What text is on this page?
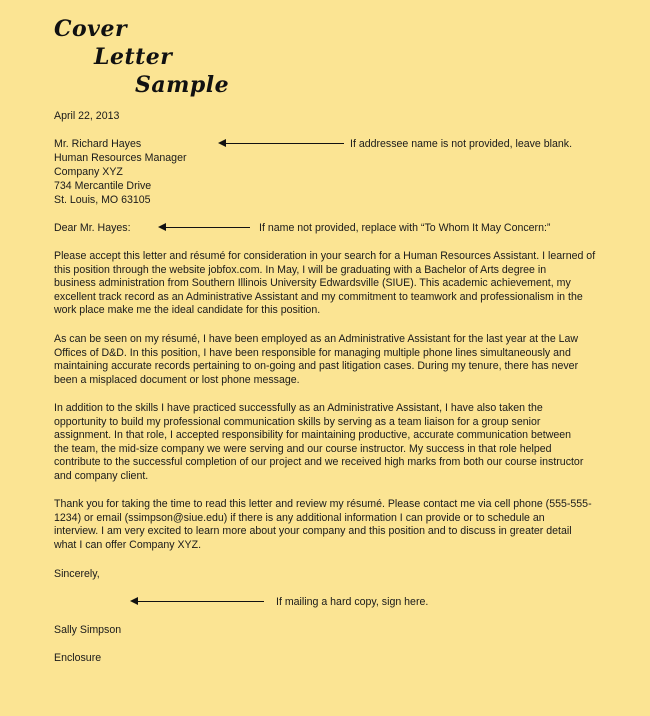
Cover
Letter
Sample
April 22, 2013
Mr. Richard Hayes
Human Resources Manager
Company XYZ
734 Mercantile Drive
St. Louis, MO 63105
If addressee name is not provided, leave blank.
Dear Mr. Hayes:	If name not provided, replace with “To Whom It May Concern:”
Please accept this letter and résumé for consideration in your search for a Human Resources Assistant. I learned of
this position through the website jobfox.com. In May, I will be graduating with a Bachelor of Arts degree in
business administration from Southern Illinois University Edwardsville (SIUE). This academic achievement, my
excellent track record as an Administrative Assistant and my commitment to teamwork and professionalism in the
work place make me the ideal candidate for this position.
As can be seen on my résumé, I have been employed as an Administrative Assistant for the last year at the Law
Offices of D&D. In this position, I have been responsible for managing multiple phone lines simultaneously and
maintaining accurate records pertaining to on-going and past litigation cases. During my tenure, there has never
been a misplaced document or lost phone message.
In addition to the skills I have practiced successfully as an Administrative Assistant, I have also taken the
opportunity to build my professional communication skills by serving as a team liaison for a group senior
assignment. In that role, I accepted responsibility for maintaining productive, accurate communication between
the team, the mid-size company we were serving and our course instructor. My success in that role helped
contribute to the successful completion of our project and we received high marks from both our course instructor
and company client.
Thank you for taking the time to read this letter and review my résumé. Please contact me via cell phone (555-555-
1234) or email (ssimpson@siue.edu) if there is any additional information I can provide or to schedule an
interview. I am very excited to learn more about your company and this position and to discuss in greater detail
what I can offer Company XYZ.
Sincerely,
If mailing a hard copy, sign here.
Sally Simpson
Enclosure
